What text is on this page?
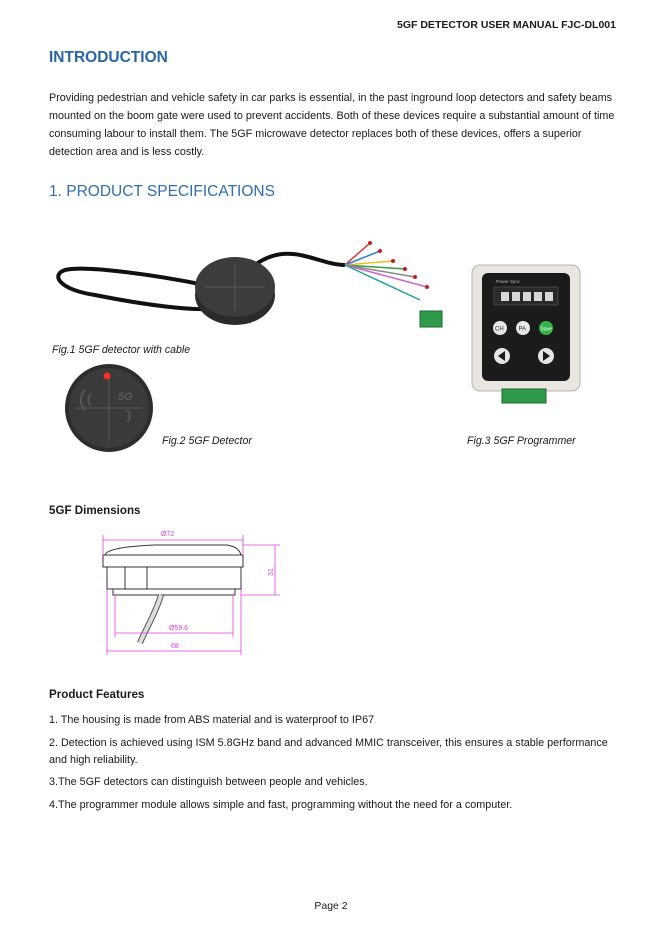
5GF DETECTOR USER MANUAL FJC-DL001
INTRODUCTION
Providing pedestrian and vehicle safety in car parks is essential, in the past inground loop detectors and safety beams mounted on the boom gate were used to prevent accidents. Both of these devices require a substantial amount of time consuming labour to install them. The 5GF microwave detector replaces both of these devices, offers a superior detection area and is less costly.
1. PRODUCT SPECIFICATIONS
Fig.1 5GF detector with cable
5G
Fig.2 5GF Detector
Power Sync
CH PA	Save
Fig.3 5GF Programmer
5GF Dimensions
Ø72
31
Ø59.6
68
Product Features
1. The housing is made from ABS material and is waterproof to IP67
2. Detection is achieved using ISM 5.8GHz band and advanced MMIC transceiver, this ensures a stable performance and high reliability.
3.The 5GF detectors can distinguish between people and vehicles.
4.The programmer module allows simple and fast, programming without the need for a computer.
Page 2
